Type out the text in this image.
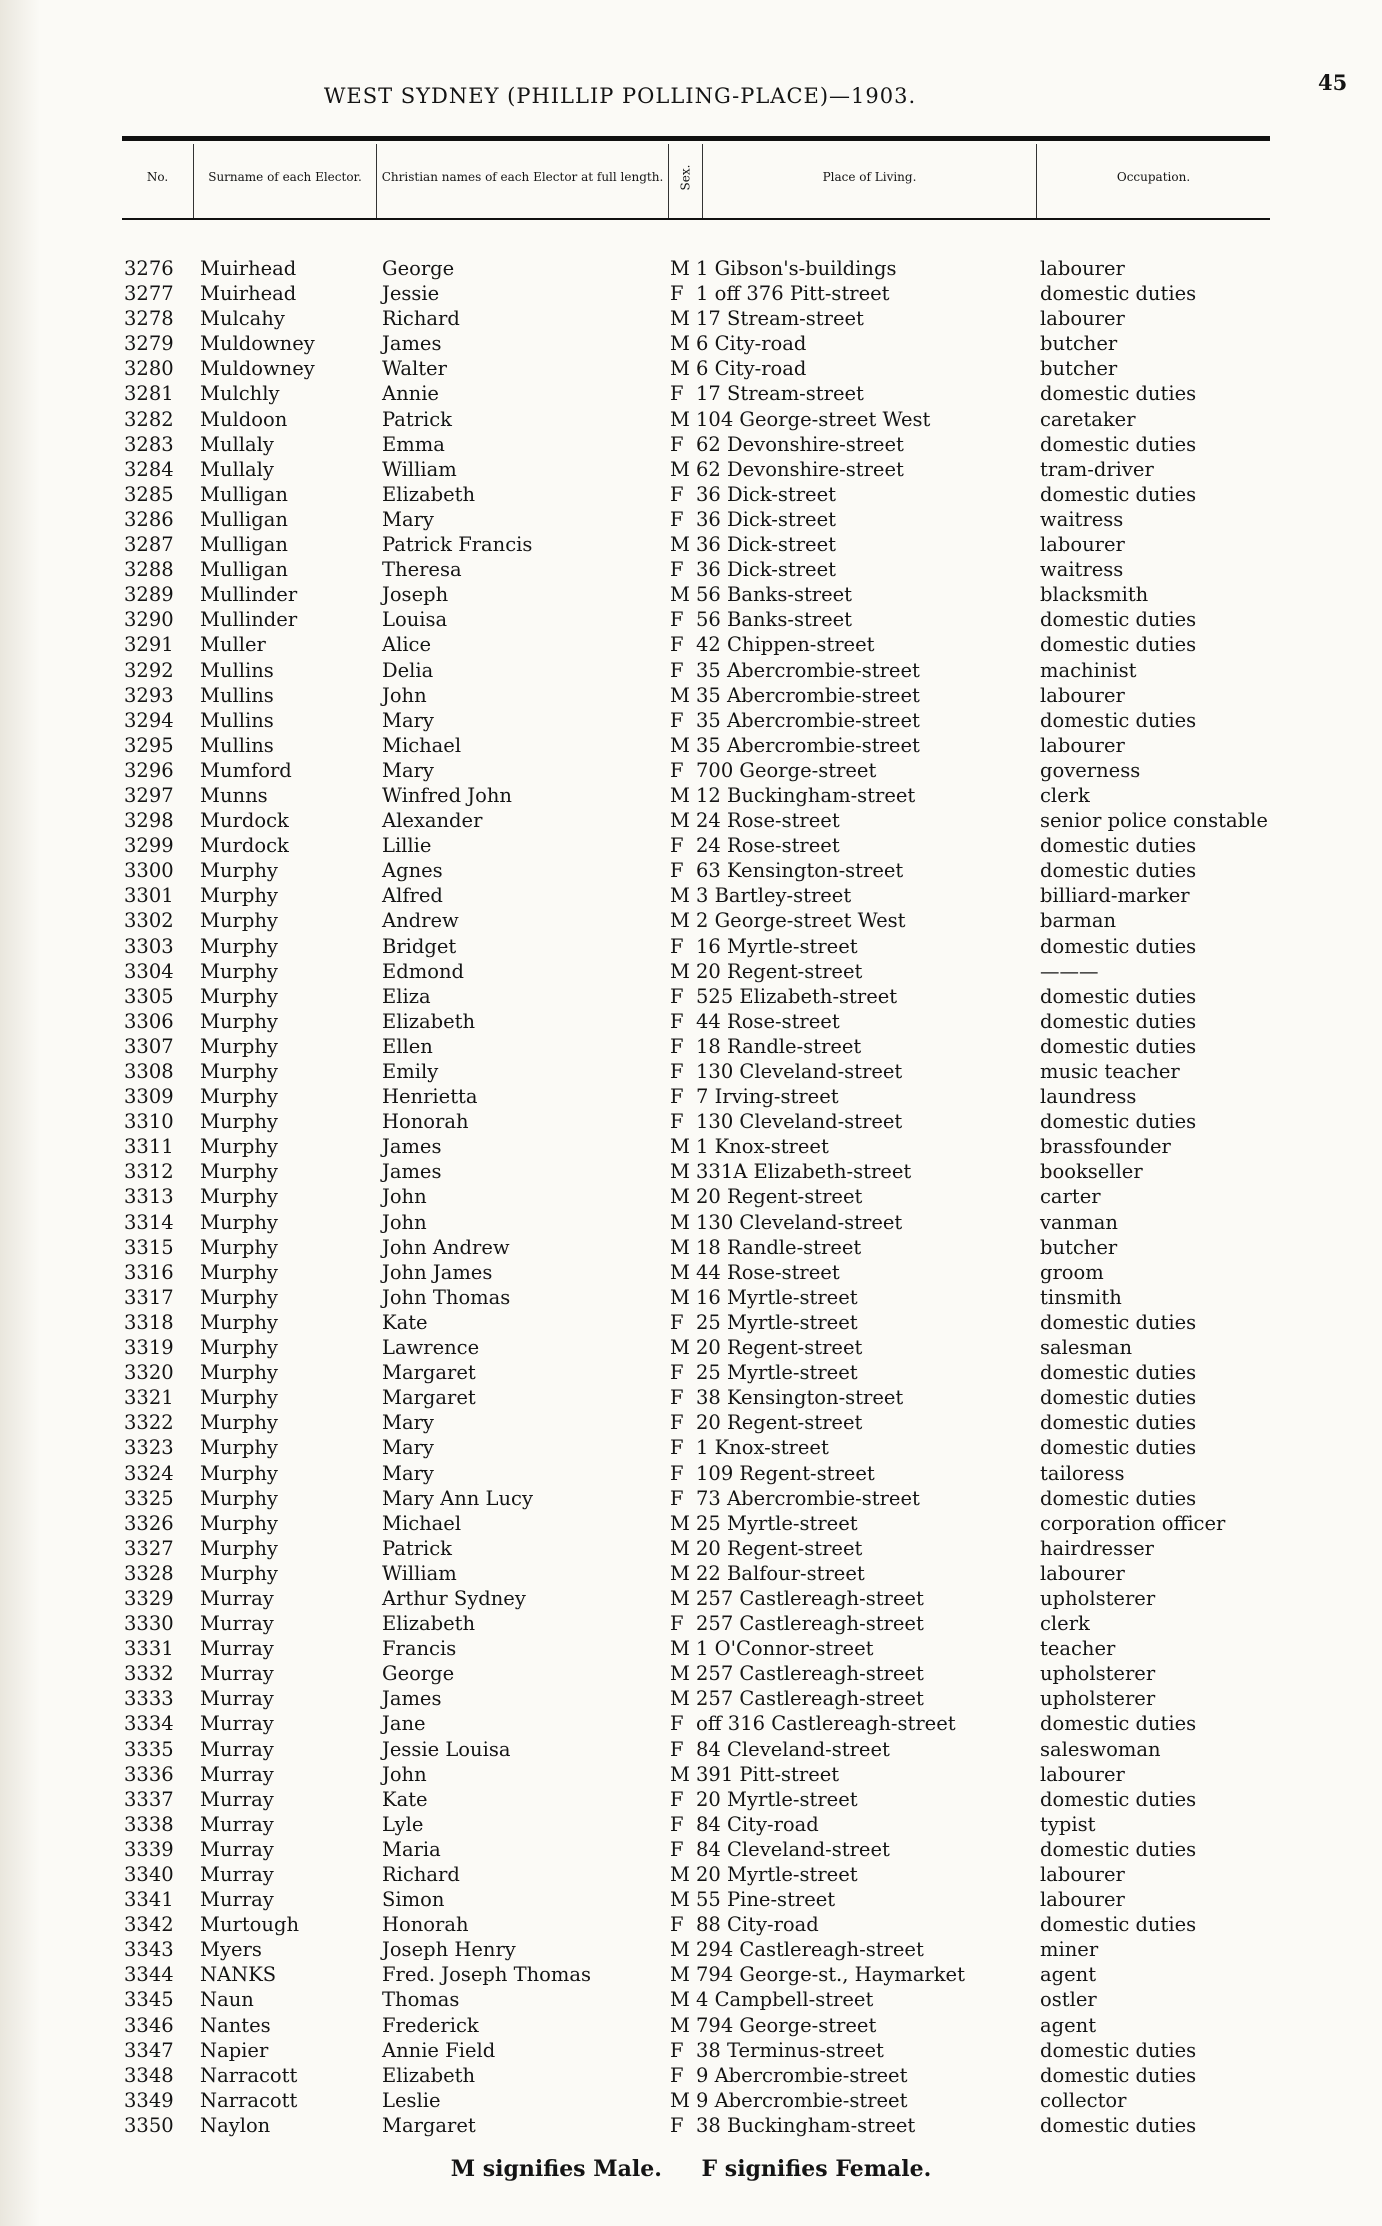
WEST SYDNEY (PHILLIP POLLING-PLACE)—1903.
45
No.	Surname of each Elector.	Christian names of each Elector at full length.	Sex.	Place of Living.	Occupation.
3276	Muirhead	George	M 1 Gibson's-buildings	labourer
3277	Muirhead	Jessie	F 1 off 376 Pitt-street	domestic duties
3278	Mulcahy	Richard	M 17 Stream-street	labourer
3279	Muldowney	James	M 6 City-road	butcher
3280	Muldowney	Walter	M 6 City-road	butcher
3281	Mulchly	Annie	F 17 Stream-street	domestic duties
3282	Muldoon	Patrick	M 104 George-street West	caretaker
3283	Mullaly	Emma	F 62 Devonshire-street	domestic duties
3284	Mullaly	William	M 62 Devonshire-street	tram-driver
3285	Mulligan	Elizabeth	F 36 Dick-street	domestic duties
3286	Mulligan	Mary	F 36 Dick-street	waitress
3287	Mulligan	Patrick Francis	M 36 Dick-street	labourer
3288	Mulligan	Theresa	F 36 Dick-street	waitress
3289	Mullinder	Joseph	M 56 Banks-street	blacksmith
3290	Mullinder	Louisa	F 56 Banks-street	domestic duties
3291	Muller	Alice	F 42 Chippen-street	domestic duties
3292	Mullins	Delia	F 35 Abercrombie-street	machinist
3293	Mullins	John	M 35 Abercrombie-street	labourer
3294	Mullins	Mary	F 35 Abercrombie-street	domestic duties
3295	Mullins	Michael	M 35 Abercrombie-street	labourer
3296	Mumford	Mary	F 700 George-street	governess
3297	Munns	Winfred John	M 12 Buckingham-street	clerk
3298	Murdock	Alexander	M 24 Rose-street	senior police constable
3299	Murdock	Lillie	F 24 Rose-street	domestic duties
3300	Murphy	Agnes	F 63 Kensington-street	domestic duties
3301	Murphy	Alfred	M 3 Bartley-street	billiard-marker
3302	Murphy	Andrew	M 2 George-street West	barman
3303	Murphy	Bridget	F 16 Myrtle-street	domestic duties
3304	Murphy	Edmond	M 20 Regent-street	———
3305	Murphy	Eliza	F 525 Elizabeth-street	domestic duties
3306	Murphy	Elizabeth	F 44 Rose-street	domestic duties
3307	Murphy	Ellen	F 18 Randle-street	domestic duties
3308	Murphy	Emily	F 130 Cleveland-street	music teacher
3309	Murphy	Henrietta	F 7 Irving-street	laundress
3310	Murphy	Honorah	F 130 Cleveland-street	domestic duties
3311	Murphy	James	M 1 Knox-street	brassfounder
3312	Murphy	James	M 331A Elizabeth-street	bookseller
3313	Murphy	John	M 20 Regent-street	carter
3314	Murphy	John	M 130 Cleveland-street	vanman
3315	Murphy	John Andrew	M 18 Randle-street	butcher
3316	Murphy	John James	M 44 Rose-street	groom
3317	Murphy	John Thomas	M 16 Myrtle-street	tinsmith
3318	Murphy	Kate	F 25 Myrtle-street	domestic duties
3319	Murphy	Lawrence	M 20 Regent-street	salesman
3320	Murphy	Margaret	F 25 Myrtle-street	domestic duties
3321	Murphy	Margaret	F 38 Kensington-street	domestic duties
3322	Murphy	Mary	F 20 Regent-street	domestic duties
3323	Murphy	Mary	F 1 Knox-street	domestic duties
3324	Murphy	Mary	F 109 Regent-street	tailoress
3325	Murphy	Mary Ann Lucy	F 73 Abercrombie-street	domestic duties
3326	Murphy	Michael	M 25 Myrtle-street	corporation officer
3327	Murphy	Patrick	M 20 Regent-street	hairdresser
3328	Murphy	William	M 22 Balfour-street	labourer
3329	Murray	Arthur Sydney	M 257 Castlereagh-street	upholsterer
3330	Murray	Elizabeth	F 257 Castlereagh-street	clerk
3331	Murray	Francis	M 1 O'Connor-street	teacher
3332	Murray	George	M 257 Castlereagh-street	upholsterer
3333	Murray	James	M 257 Castlereagh-street	upholsterer
3334	Murray	Jane	F off 316 Castlereagh-street	domestic duties
3335	Murray	Jessie Louisa	F 84 Cleveland-street	saleswoman
3336	Murray	John	M 391 Pitt-street	labourer
3337	Murray	Kate	F 20 Myrtle-street	domestic duties
3338	Murray	Lyle	F 84 City-road	typist
3339	Murray	Maria	F 84 Cleveland-street	domestic duties
3340	Murray	Richard	M 20 Myrtle-street	labourer
3341	Murray	Simon	M 55 Pine-street	labourer
3342	Murtough	Honorah	F 88 City-road	domestic duties
3343	Myers	Joseph Henry	M 294 Castlereagh-street	miner
3344	NANKS	Fred. Joseph Thomas	M 794 George-st., Haymarket	agent
3345	Naun	Thomas	M 4 Campbell-street	ostler
3346	Nantes	Frederick	M 794 George-street	agent
3347	Napier	Annie Field	F 38 Terminus-street	domestic duties
3348	Narracott	Elizabeth	F 9 Abercrombie-street	domestic duties
3349	Narracott	Leslie	M 9 Abercrombie-street	collector
3350	Naylon	Margaret	F 38 Buckingham-street	domestic duties
M signifies Male. F signifies Female.
